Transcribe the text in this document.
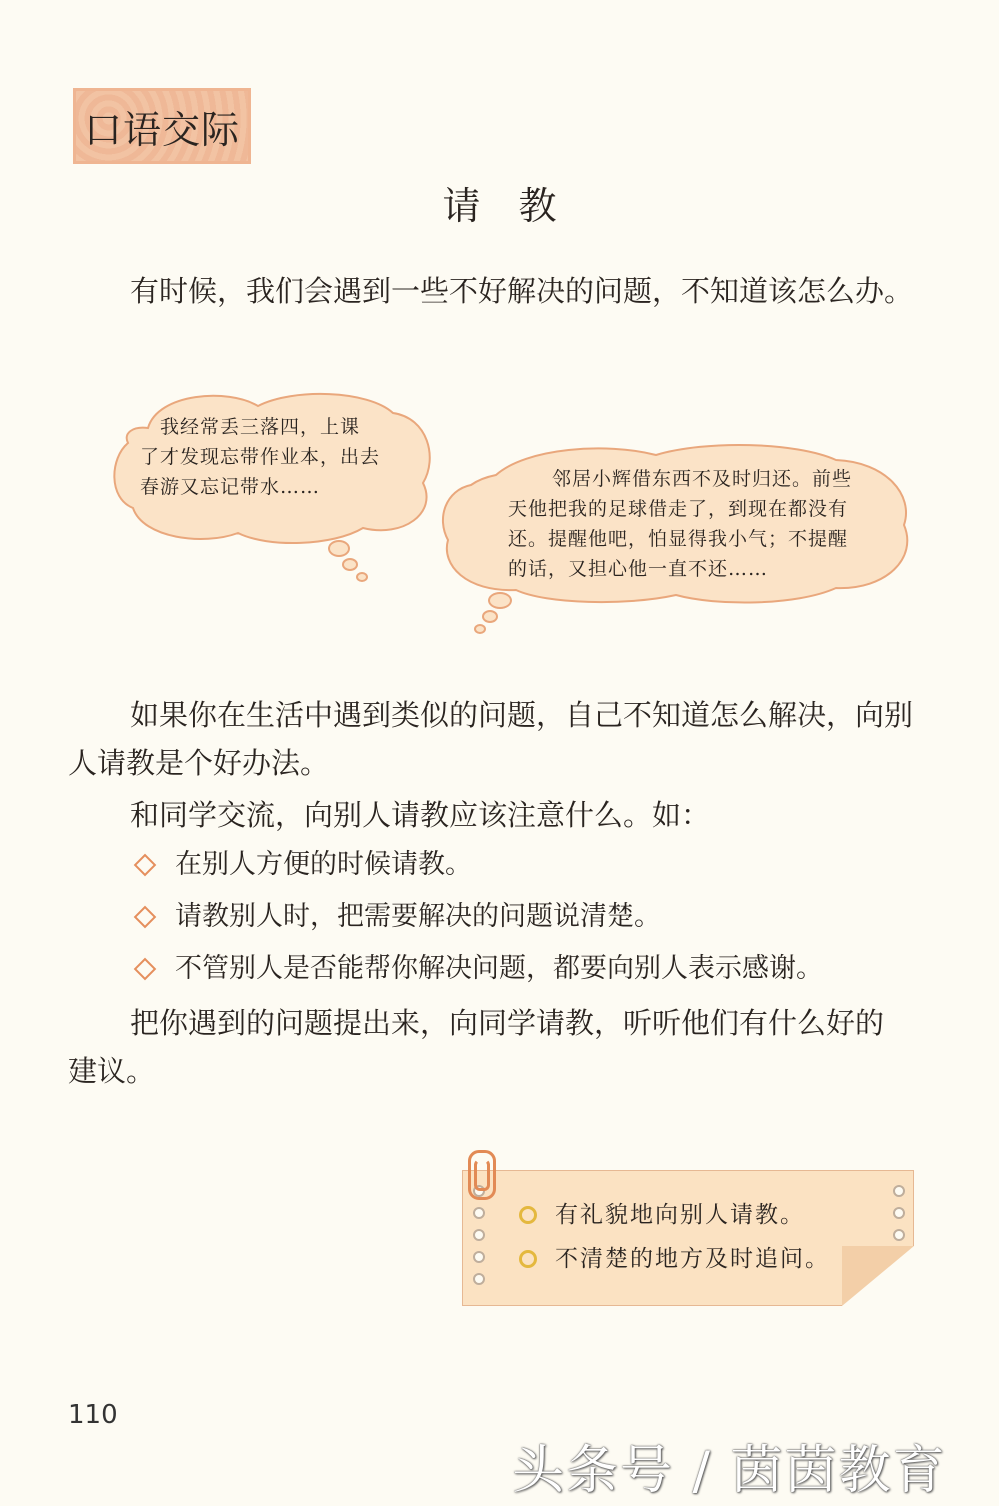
口语交际
请教
有时候，我们会遇到一些不好解决的问题，不知道该怎么办。
我经常丢三落四，上课
了才发现忘带作业本，出去
春游又忘记带水……	邻居小辉借东西不及时归还。前些
天他把我的足球借走了，到现在都没有
还。提醒他吧，怕显得我小气；不提醒
的话，又担心他一直不还……
如果你在生活中遇到类似的问题，自己不知道怎么解决，向别
人请教是个好办法。
和同学交流，向别人请教应该注意什么。如：
在别人方便的时候请教。
请教别人时，把需要解决的问题说清楚。
不管别人是否能帮你解决问题，都要向别人表示感谢。
把你遇到的问题提出来，向同学请教，听听他们有什么好的
建议。
有礼貌地向别人请教。
不清楚的地方及时追问。
110
头条号 / 茵茵教育
